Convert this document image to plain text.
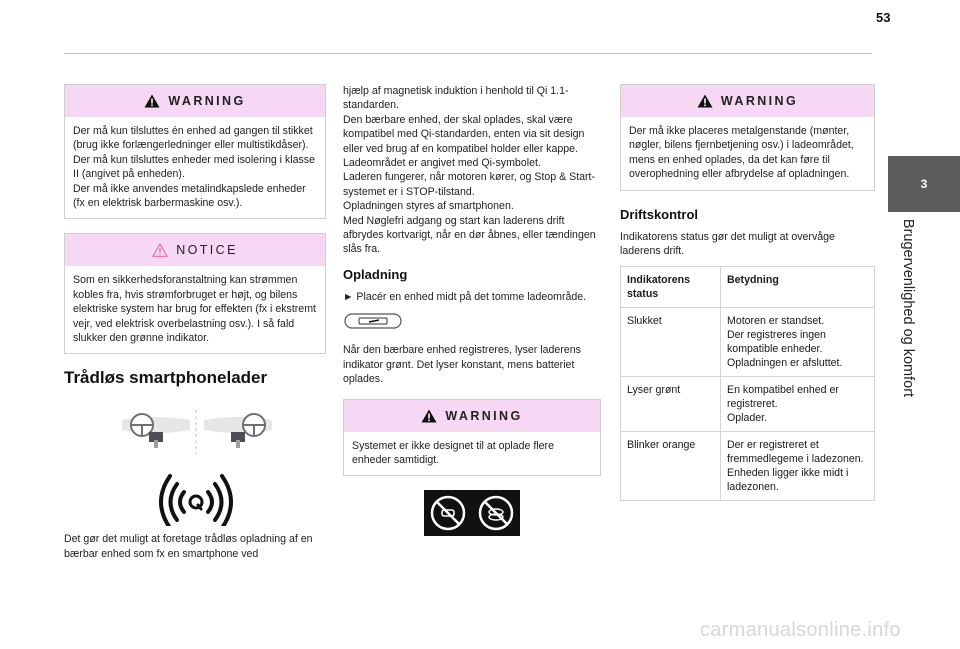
53
3
Brugervenlighed og komfort
WARNING

Der må kun tilsluttes én enhed ad gangen til stikket (brug ikke forlængerledninger eller multistikdåser).

Der må kun tilsluttes enheder med isolering i klasse II (angivet på enheden).

Der må ikke anvendes metalindkapslede enheder (fx en elektrisk barbermaskine osv.).

NOTICE

Som en sikkerhedsforanstaltning kan strømmen kobles fra, hvis strømforbruget er højt, og bilens elektriske system har brug for effekten (fx i ekstremt vejr, ved elektrisk overbelastning osv.). I så fald slukker den grønne indikator.

Trådløs smartphonelader

Det gør det muligt at foretage trådløs opladning af en bærbar enhed som fx en smartphone ved

hjælp af magnetisk induktion i henhold til Qi 1.1-standarden.

Den bærbare enhed, der skal oplades, skal være kompatibel med Qi-standarden, enten via sit design eller ved brug af en kompatibel holder eller kappe.

Ladeområdet er angivet med Qi-symbolet.

Laderen fungerer, når motoren kører, og Stop & Start-systemet er i STOP-tilstand.

Opladningen styres af smartphonen.

Med Nøglefri adgang og start kan laderens drift afbrydes kortvarigt, når en dør åbnes, eller tændingen slås fra.

Opladning

► Placér en enhed midt på det tomme ladeområde.

Når den bærbare enhed registreres, lyser laderens indikator grønt. Det lyser konstant, mens batteriet oplades.

WARNING

Systemet er ikke designet til at oplade flere enheder samtidigt.

WARNING

Der må ikke placeres metalgenstande (mønter, nøgler, bilens fjernbetjening osv.) i ladeområdet, mens en enhed oplades, da det kan føre til overophedning eller afbrydelse af opladningen.

Driftskontrol

Indikatorens status gør det muligt at overvåge laderens drift.

Indikatorens status	Betydning
Slukket	Motoren er standset.
Der registreres ingen kompatible enheder.
Opladningen er afsluttet.

Lyser grønt	En kompatibel enhed er registreret.
Oplader.

Blinker orange	Der er registreret et fremmedlegeme i ladezonen.
Enheden ligger ikke midt i ladezonen.
carmanualsonline.info
